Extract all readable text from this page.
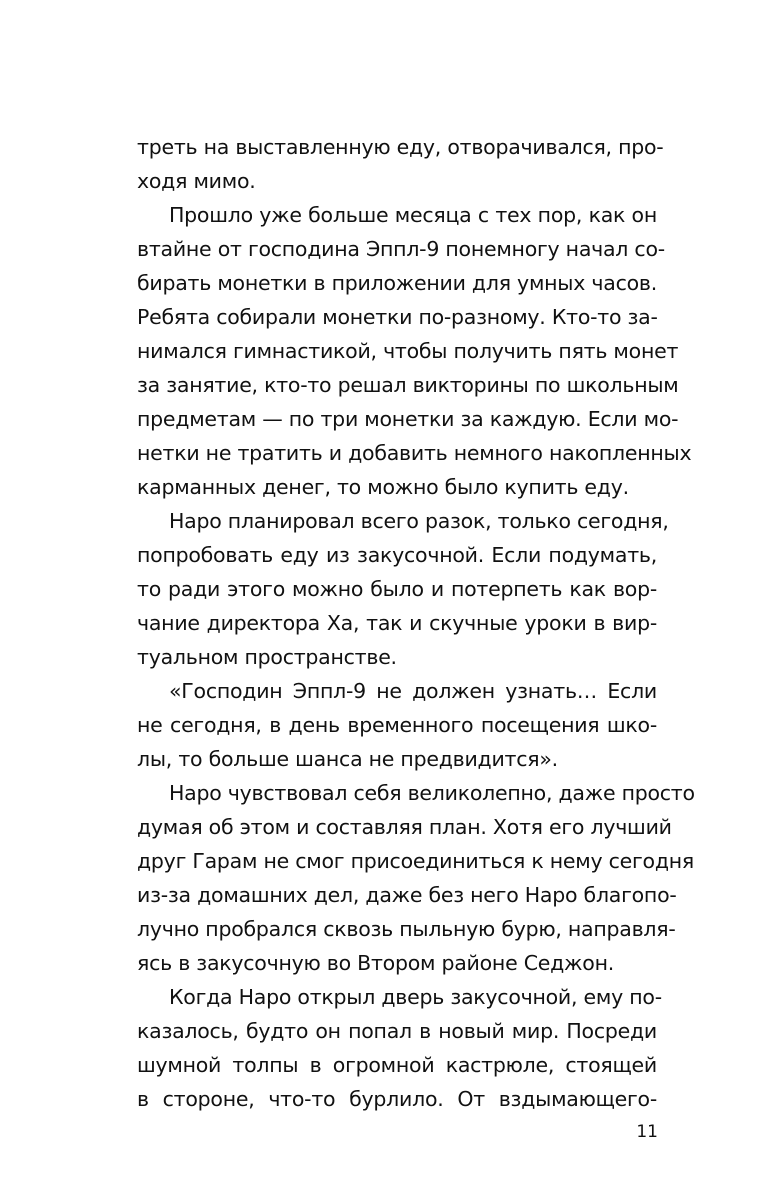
треть на выставленную еду, отворачивался, про-
ходя мимо.

Прошло уже больше месяца с тех пор, как он
втайне от господина Эппл-9 понемногу начал со-
бирать монетки в приложении для умных часов.
Ребята собирали монетки по-разному. Кто-то за-
нимался гимнастикой, чтобы получить пять монет
за занятие, кто-то решал викторины по школьным
предметам — по три монетки за каждую. Если мо-
нетки не тратить и добавить немного накопленных
карманных денег, то можно было купить еду.

Наро планировал всего разок, только сегодня,
попробовать еду из закусочной. Если подумать,
то ради этого можно было и потерпеть как вор-
чание директора Ха, так и скучные уроки в вир-
туальном пространстве.

«Господин Эппл-9 не должен узнать… Если
не сегодня, в день временного посещения шко-
лы, то больше шанса не предвидится».

Наро чувствовал себя великолепно, даже просто
думая об этом и составляя план. Хотя его лучший
друг Гарам не смог присоединиться к нему сегодня
из-за домашних дел, даже без него Наро благопо-
лучно пробрался сквозь пыльную бурю, направля-
ясь в закусочную во Втором районе Седжон.

Когда Наро открыл дверь закусочной, ему по-
казалось, будто он попал в новый мир. Посреди
шумной толпы в огромной кастрюле, стоящей
в стороне, что-то бурлило. От вздымающего-

11
